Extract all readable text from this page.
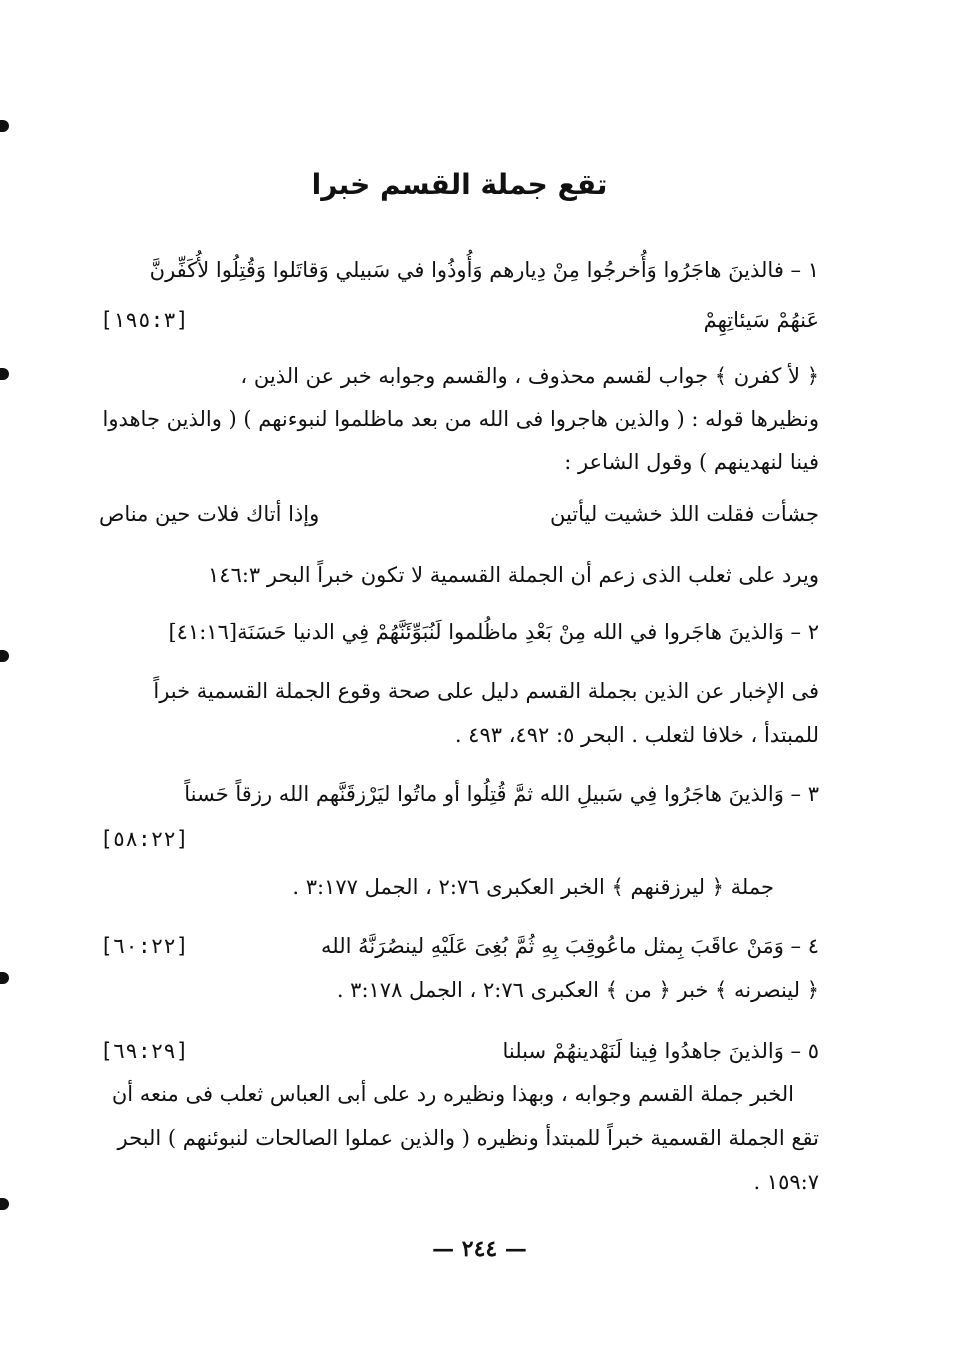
تقع جملة القسم خبرا
١ – فالذينَ هاجَرُوا وَأُخرجُوا مِنْ دِيارهم وَأُوذُوا في سَبيلي وَقاتَلوا وَقُتِلُوا لأُكَفِّرنَّ
عَنهُمْ سَيئاتِهِمْ
[١٩٥:٣]
﴿ لأ كفرن ﴾ جواب لقسم محذوف ، والقسم وجوابه خبر عن الذين ،
ونظيرها قوله : ( والذين هاجروا فى الله من بعد ماظلموا لنبوءنهم ) ( والذين جاهدوا
فينا لنهدينهم ) وقول الشاعر :
جشأت فقلت اللذ خشيت ليأتين
وإذا أتاك فلات حين مناص
ويرد على ثعلب الذى زعم أن الجملة القسمية لا تكون خبراً البحر ١٤٦:٣
٢ – وَالذينَ هاجَروا في الله مِنْ بَعْدِ ماظُلموا لَنُبَوِّئَنَّهُمْ فِي الدنيا حَسَنَة[٤١:١٦]
فى الإخبار عن الذين بجملة القسم دليل على صحة وقوع الجملة القسمية خبراً
للمبتدأ ، خلافا لثعلب . البحر ٥: ٤٩٢، ٤٩٣ .
٣ – وَالذينَ هاجَرُوا فِي سَبيلِ الله ثمَّ قُتِلُوا أو ماتُوا ليَرْزقَنَّهم الله رزقاً حَسناً
[٥٨:٢٢]
جملة ﴿ ليرزقنهم ﴾ الخبر العكبرى ٢:٧٦ ، الجمل ٣:١٧٧ .
٤ – وَمَنْ عاقَبَ بِمثل ماعُوقِبَ بِهِ ثُمَّ بُغِىَ عَلَيْهِ لينصُرَنَّهُ الله
[٦٠:٢٢]
﴿ لينصرنه ﴾ خبر ﴿ من ﴾ العكبرى ٢:٧٦ ، الجمل ٣:١٧٨ .
٥ – وَالذينَ جاهدُوا فِينا لَنَهْدينهُمْ سبلنا
[٦٩:٢٩]
الخبر جملة القسم وجوابه ، وبهذا ونظيره رد على أبى العباس ثعلب فى منعه أن
تقع الجملة القسمية خبراً للمبتدأ ونظيره ( والذين عملوا الصالحات لنبوئنهم ) البحر
١٥٩:٧ .
— ٢٤٤ —
